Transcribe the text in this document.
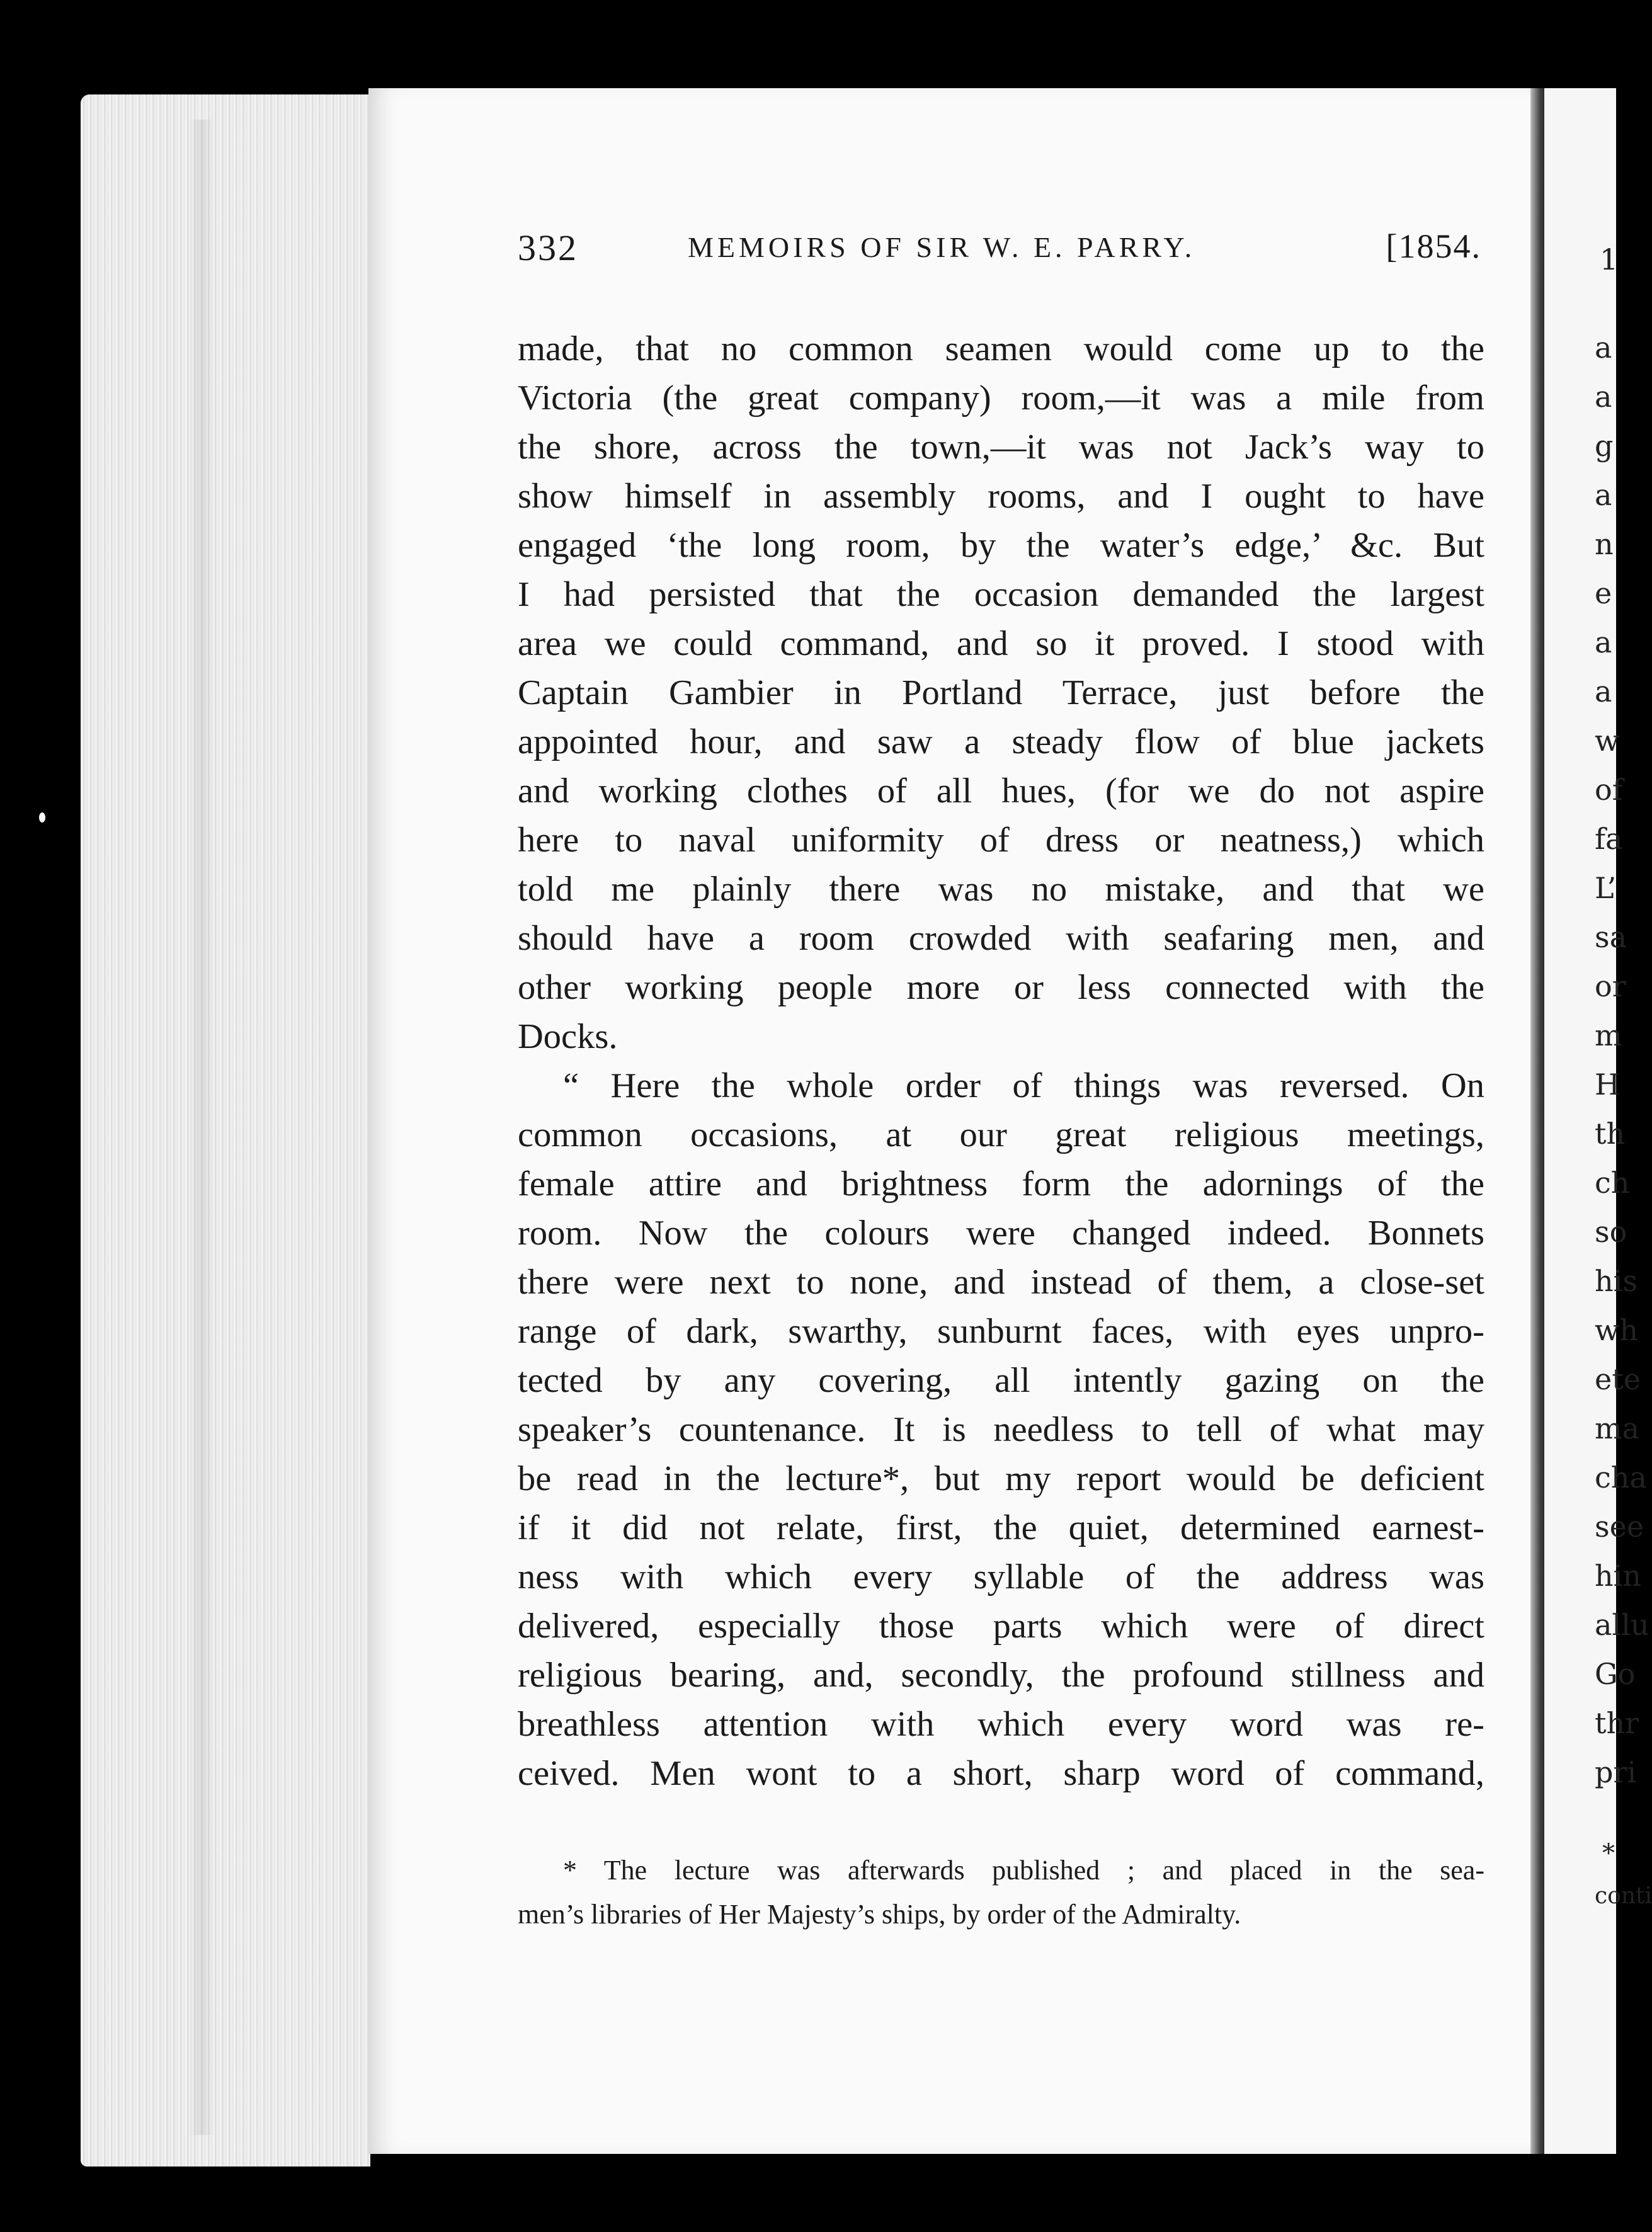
1
a
a
g
a
n
e
a
a
w
of
fa
L’
sa
or
m
H
th
ch
so
his
wh
ete
ma
cha
see
hin
allu
Go
thr
pri
*
conti
332	MEMOIRS OF SIR W. E. PARRY.	[1854.
made, that no common seamen would come up to the
Victoria (the great company) room,—it was a mile from
the shore, across the town,—it was not Jack’s way to
show himself in assembly rooms, and I ought to have
engaged ‘the long room, by the water’s edge,’ &c. But
I had persisted that the occasion demanded the largest
area we could command, and so it proved. I stood with
Captain Gambier in Portland Terrace, just before the
appointed hour, and saw a steady flow of blue jackets
and working clothes of all hues, (for we do not aspire
here to naval uniformity of dress or neatness,) which
told me plainly there was no mistake, and that we
should have a room crowded with seafaring men, and
other working people more or less connected with the
Docks.
“ Here the whole order of things was reversed. On
common occasions, at our great religious meetings,
female attire and brightness form the adornings of the
room. Now the colours were changed indeed. Bonnets
there were next to none, and instead of them, a close-set
range of dark, swarthy, sunburnt faces, with eyes unpro-
tected by any covering, all intently gazing on the
speaker’s countenance. It is needless to tell of what may
be read in the lecture*, but my report would be deficient
if it did not relate, first, the quiet, determined earnest-
ness with which every syllable of the address was
delivered, especially those parts which were of direct
religious bearing, and, secondly, the profound stillness and
breathless attention with which every word was re-
ceived. Men wont to a short, sharp word of command,
* The lecture was afterwards published ; and placed in the sea-
men’s libraries of Her Majesty’s ships, by order of the Admiralty.
